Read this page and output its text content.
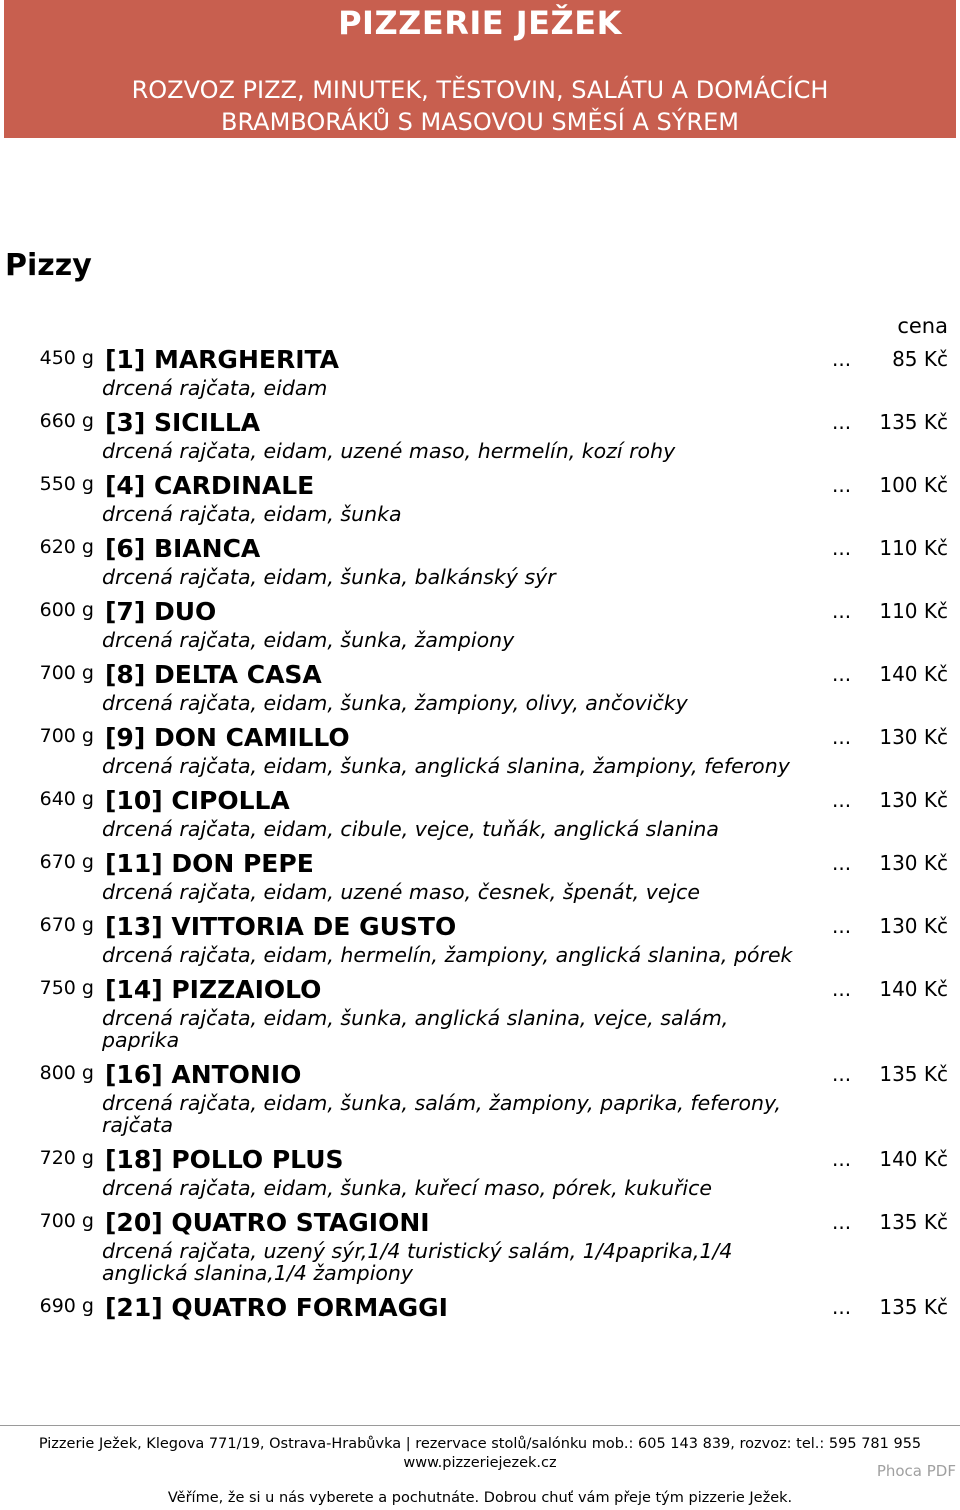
PIZZERIE JEŽEK
ROZVOZ PIZZ, MINUTEK, TĚSTOVIN, SALÁTU A DOMÁCÍCH
BRAMBORÁKŮ S MASOVOU SMĚSÍ A SÝREM
Pizzy
cena
450 g [1] MARGHERITA	... 85 Kč
drcená rajčata, eidam
660 g [3] SICILLA	... 135 Kč
drcená rajčata, eidam, uzené maso, hermelín, kozí rohy
550 g [4] CARDINALE	... 100 Kč
drcená rajčata, eidam, šunka
620 g [6] BIANCA	... 110 Kč
drcená rajčata, eidam, šunka, balkánský sýr
600 g [7] DUO	... 110 Kč
drcená rajčata, eidam, šunka, žampiony
700 g [8] DELTA CASA	... 140 Kč
drcená rajčata, eidam, šunka, žampiony, olivy, ančovičky
700 g [9] DON CAMILLO	... 130 Kč
drcená rajčata, eidam, šunka, anglická slanina, žampiony, feferony
640 g [10] CIPOLLA	... 130 Kč
drcená rajčata, eidam, cibule, vejce, tuňák, anglická slanina
670 g [11] DON PEPE	... 130 Kč
drcená rajčata, eidam, uzené maso, česnek, špenát, vejce
670 g [13] VITTORIA DE GUSTO	... 130 Kč
drcená rajčata, eidam, hermelín, žampiony, anglická slanina, pórek
750 g [14] PIZZAIOLO	... 140 Kč
drcená rajčata, eidam, šunka, anglická slanina, vejce, salám, paprika
800 g [16] ANTONIO	... 135 Kč
drcená rajčata, eidam, šunka, salám, žampiony, paprika, feferony, rajčata
720 g [18] POLLO PLUS	... 140 Kč
drcená rajčata, eidam, šunka, kuřecí maso, pórek, kukuřice
700 g [20] QUATRO STAGIONI	... 135 Kč
drcená rajčata, uzený sýr,1/4 turistický salám, 1/4paprika,1/4 anglická slanina,1/4 žampiony
690 g [21] QUATRO FORMAGGI	... 135 Kč
Pizzerie Ježek, Klegova 771/19, Ostrava-Hrabůvka | rezervace stolů/salónku mob.: 605 143 839, rozvoz: tel.: 595 781 955
www.pizzeriejezek.cz	Phoca PDF
Věříme, že si u nás vyberete a pochutnáte. Dobrou chuť vám přeje tým pizzerie Ježek.
